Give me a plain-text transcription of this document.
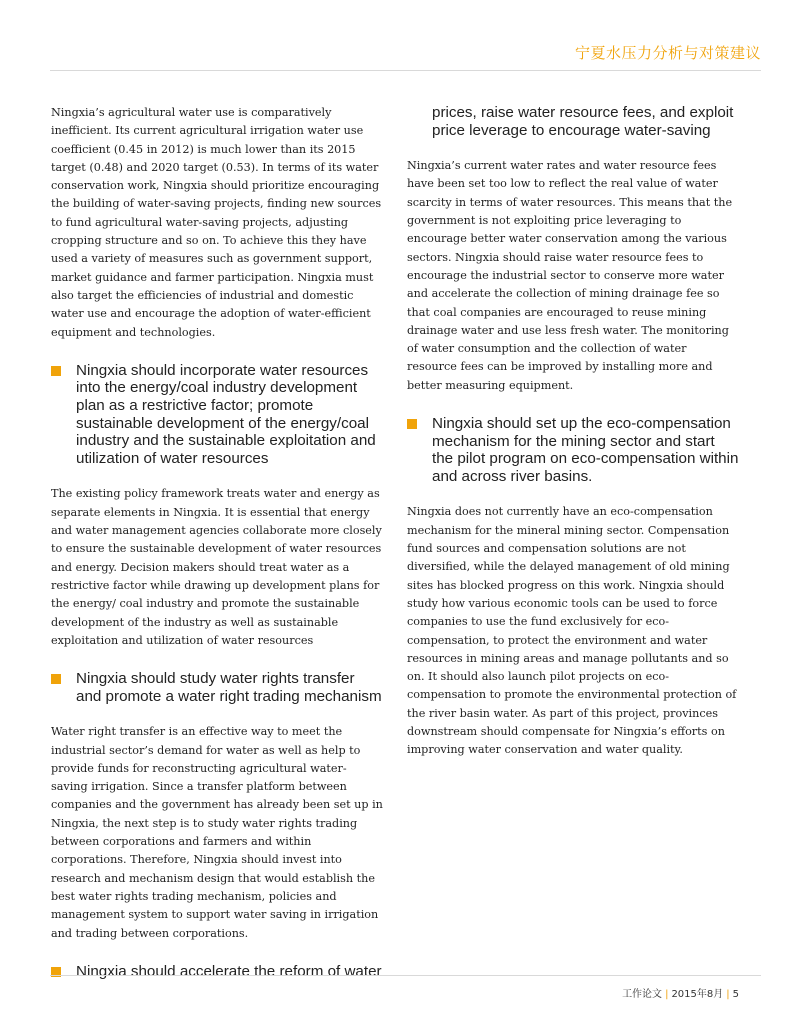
宁夏水压力分析与对策建议

Ningxia’s agricultural water use is comparatively inefficient. Its current agricultural irrigation water use coefficient (0.45 in 2012) is much lower than its 2015 target (0.48) and 2020 target (0.53). In terms of its water conservation work, Ningxia should prioritize encouraging the building of water-saving projects, finding new sources to fund agricultural water-saving projects, adjusting cropping structure and so on. To achieve this they have used a variety of measures such as government support, market guidance and farmer participation. Ningxia must also target the efficiencies of industrial and domestic water use and encourage the adoption of water-efficient equipment and technologies.

Ningxia should incorporate water resources into the energy/coal industry development plan as a restrictive factor; promote sustainable development of the energy/coal industry and the sustainable exploitation and utilization of water resources

The existing policy framework treats water and energy as separate elements in Ningxia. It is essential that energy and water management agencies collaborate more closely to ensure the sustainable development of water resources and energy. Decision makers should treat water as a restrictive factor while drawing up development plans for the energy/ coal industry and promote the sustainable development of the industry as well as sustainable exploitation and utilization of water resources

Ningxia should study water rights transfer and promote a water right trading mechanism

Water right transfer is an effective way to meet the industrial sector’s demand for water as well as help to provide funds for reconstructing agricultural water-saving irrigation. Since a transfer platform between companies and the government has already been set up in Ningxia, the next step is to study water rights trading between corporations and farmers and within corporations. Therefore, Ningxia should invest into research and mechanism design that would establish the best water rights trading mechanism, policies and management system to support water saving in irrigation and trading between corporations.

Ningxia should accelerate the reform of water
prices, raise water resource fees, and exploit price leverage to encourage water-saving

Ningxia’s current water rates and water resource fees have been set too low to reflect the real value of water scarcity in terms of water resources. This means that the government is not exploiting price leveraging to encourage better water conservation among the various sectors. Ningxia should raise water resource fees to encourage the industrial sector to conserve more water and accelerate the collection of mining drainage fee so that coal companies are encouraged to reuse mining drainage water and use less fresh water. The monitoring of water consumption and the collection of water resource fees can be improved by installing more and better measuring equipment.

Ningxia should set up the eco-compensation mechanism for the mining sector and start the pilot program on eco-compensation within and across river basins.

Ningxia does not currently have an eco-compensation mechanism for the mineral mining sector. Compensation fund sources and compensation solutions are not diversified, while the delayed management of old mining sites has blocked progress on this work. Ningxia should study how various economic tools can be used to force companies to use the fund exclusively for eco-compensation, to protect the environment and water resources in mining areas and manage pollutants and so on. It should also launch pilot projects on eco-compensation to promote the environmental protection of the river basin water. As part of this project, provinces downstream should compensate for Ningxia’s efforts on improving water conservation and water quality.

工作论文 | 2015年8月 | 5
